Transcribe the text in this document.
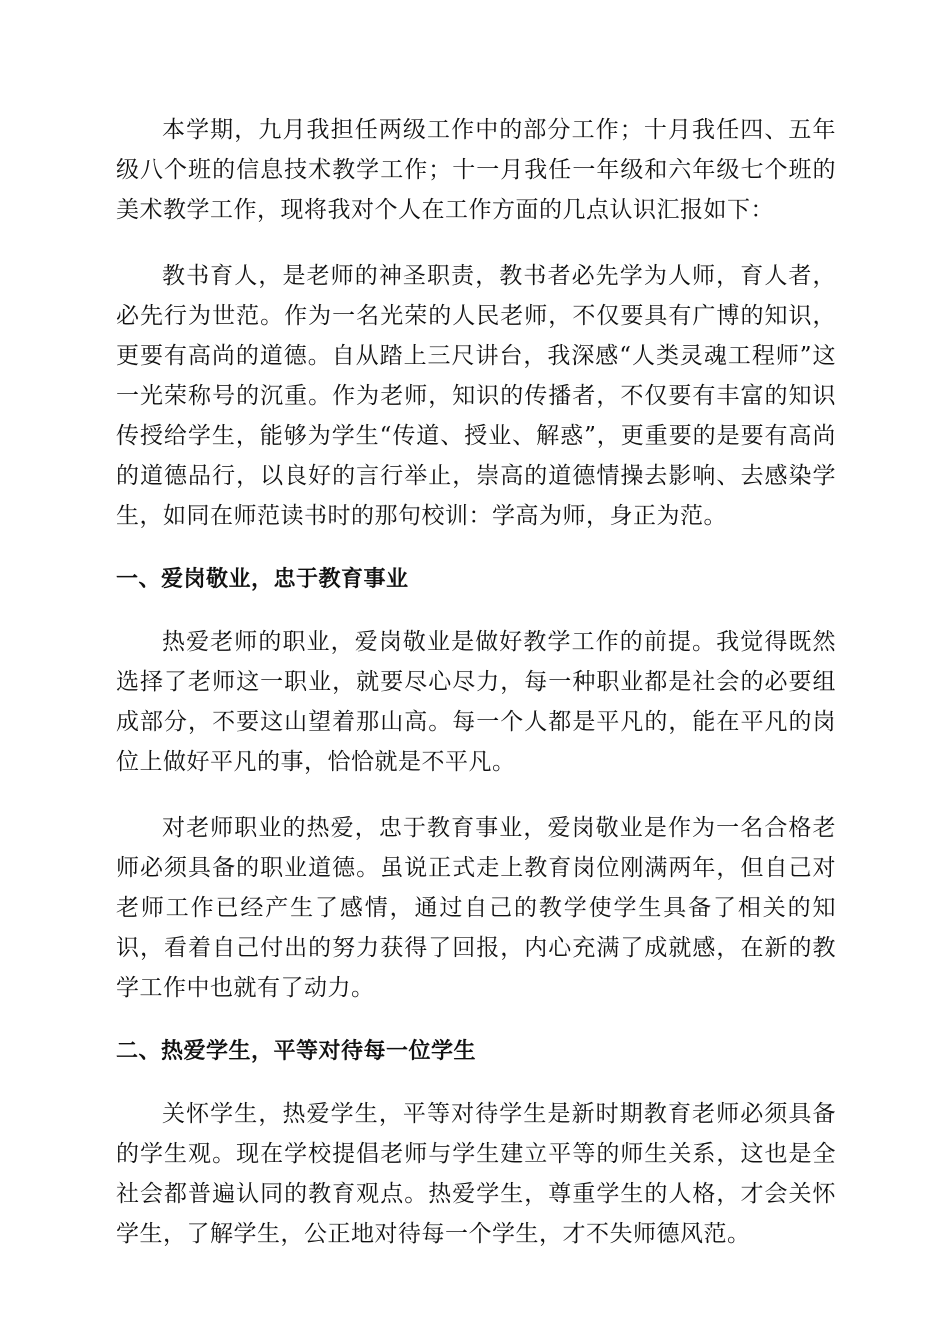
本学期，九月我担任两级工作中的部分工作；十月我任四、五年级八个班的信息技术教学工作；十一月我任一年级和六年级七个班的美术教学工作，现将我对个人在工作方面的几点认识汇报如下：

教书育人，是老师的神圣职责，教书者必先学为人师，育人者，必先行为世范。作为一名光荣的人民老师，不仅要具有广博的知识，更要有高尚的道德。自从踏上三尺讲台，我深感“人类灵魂工程师”这一光荣称号的沉重。作为老师，知识的传播者，不仅要有丰富的知识传授给学生，能够为学生“传道、授业、解惑”，更重要的是要有高尚的道德品行，以良好的言行举止，崇高的道德情操去影响、去感染学生，如同在师范读书时的那句校训：学高为师，身正为范。

一、爱岗敬业，忠于教育事业

热爱老师的职业，爱岗敬业是做好教学工作的前提。我觉得既然选择了老师这一职业，就要尽心尽力，每一种职业都是社会的必要组成部分，不要这山望着那山高。每一个人都是平凡的，能在平凡的岗位上做好平凡的事，恰恰就是不平凡。

对老师职业的热爱，忠于教育事业，爱岗敬业是作为一名合格老师必须具备的职业道德。虽说正式走上教育岗位刚满两年，但自己对老师工作已经产生了感情，通过自己的教学使学生具备了相关的知识，看着自己付出的努力获得了回报，内心充满了成就感，在新的教学工作中也就有了动力。

二、热爱学生，平等对待每一位学生

关怀学生，热爱学生，平等对待学生是新时期教育老师必须具备的学生观。现在学校提倡老师与学生建立平等的师生关系，这也是全社会都普遍认同的教育观点。热爱学生，尊重学生的人格，才会关怀学生，了解学生，公正地对待每一个学生，才不失师德风范。
